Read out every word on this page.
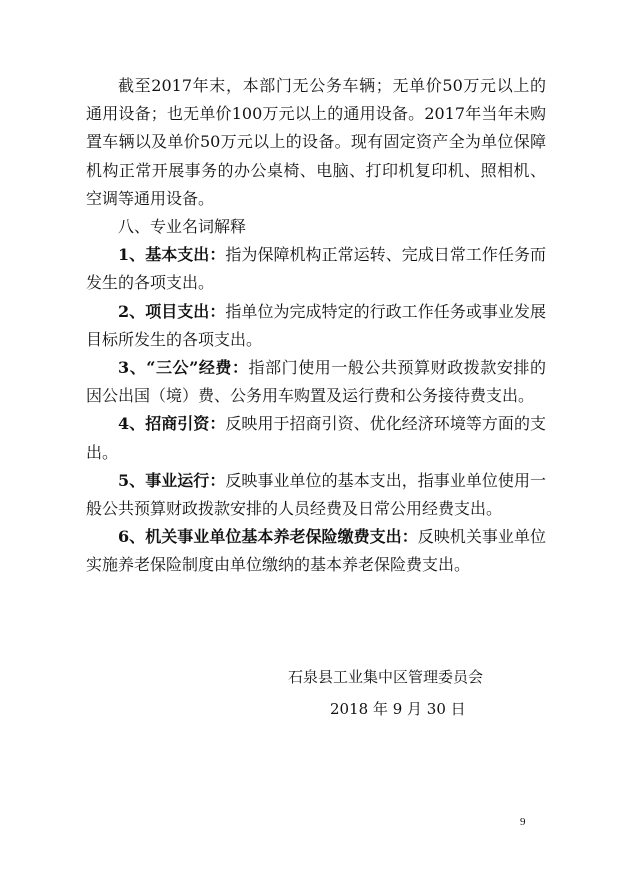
截至2017年末，本部门无公务车辆；无单价50万元以上的通用设备；也无单价100万元以上的通用设备。2017年当年未购置车辆以及单价50万元以上的设备。现有固定资产全为单位保障机构正常开展事务的办公桌椅、电脑、打印机复印机、照相机、空调等通用设备。

八、专业名词解释

1、基本支出：指为保障机构正常运转、完成日常工作任务而发生的各项支出。

2、项目支出：指单位为完成特定的行政工作任务或事业发展目标所发生的各项支出。

3、“三公”经费：指部门使用一般公共预算财政拨款安排的因公出国（境）费、公务用车购置及运行费和公务接待费支出。

4、招商引资：反映用于招商引资、优化经济环境等方面的支出。

5、事业运行：反映事业单位的基本支出，指事业单位使用一般公共预算财政拨款安排的人员经费及日常公用经费支出。

6、机关事业单位基本养老保险缴费支出：反映机关事业单位实施养老保险制度由单位缴纳的基本养老保险费支出。

石泉县工业集中区管理委员会
2018 年 9 月 30 日
9
